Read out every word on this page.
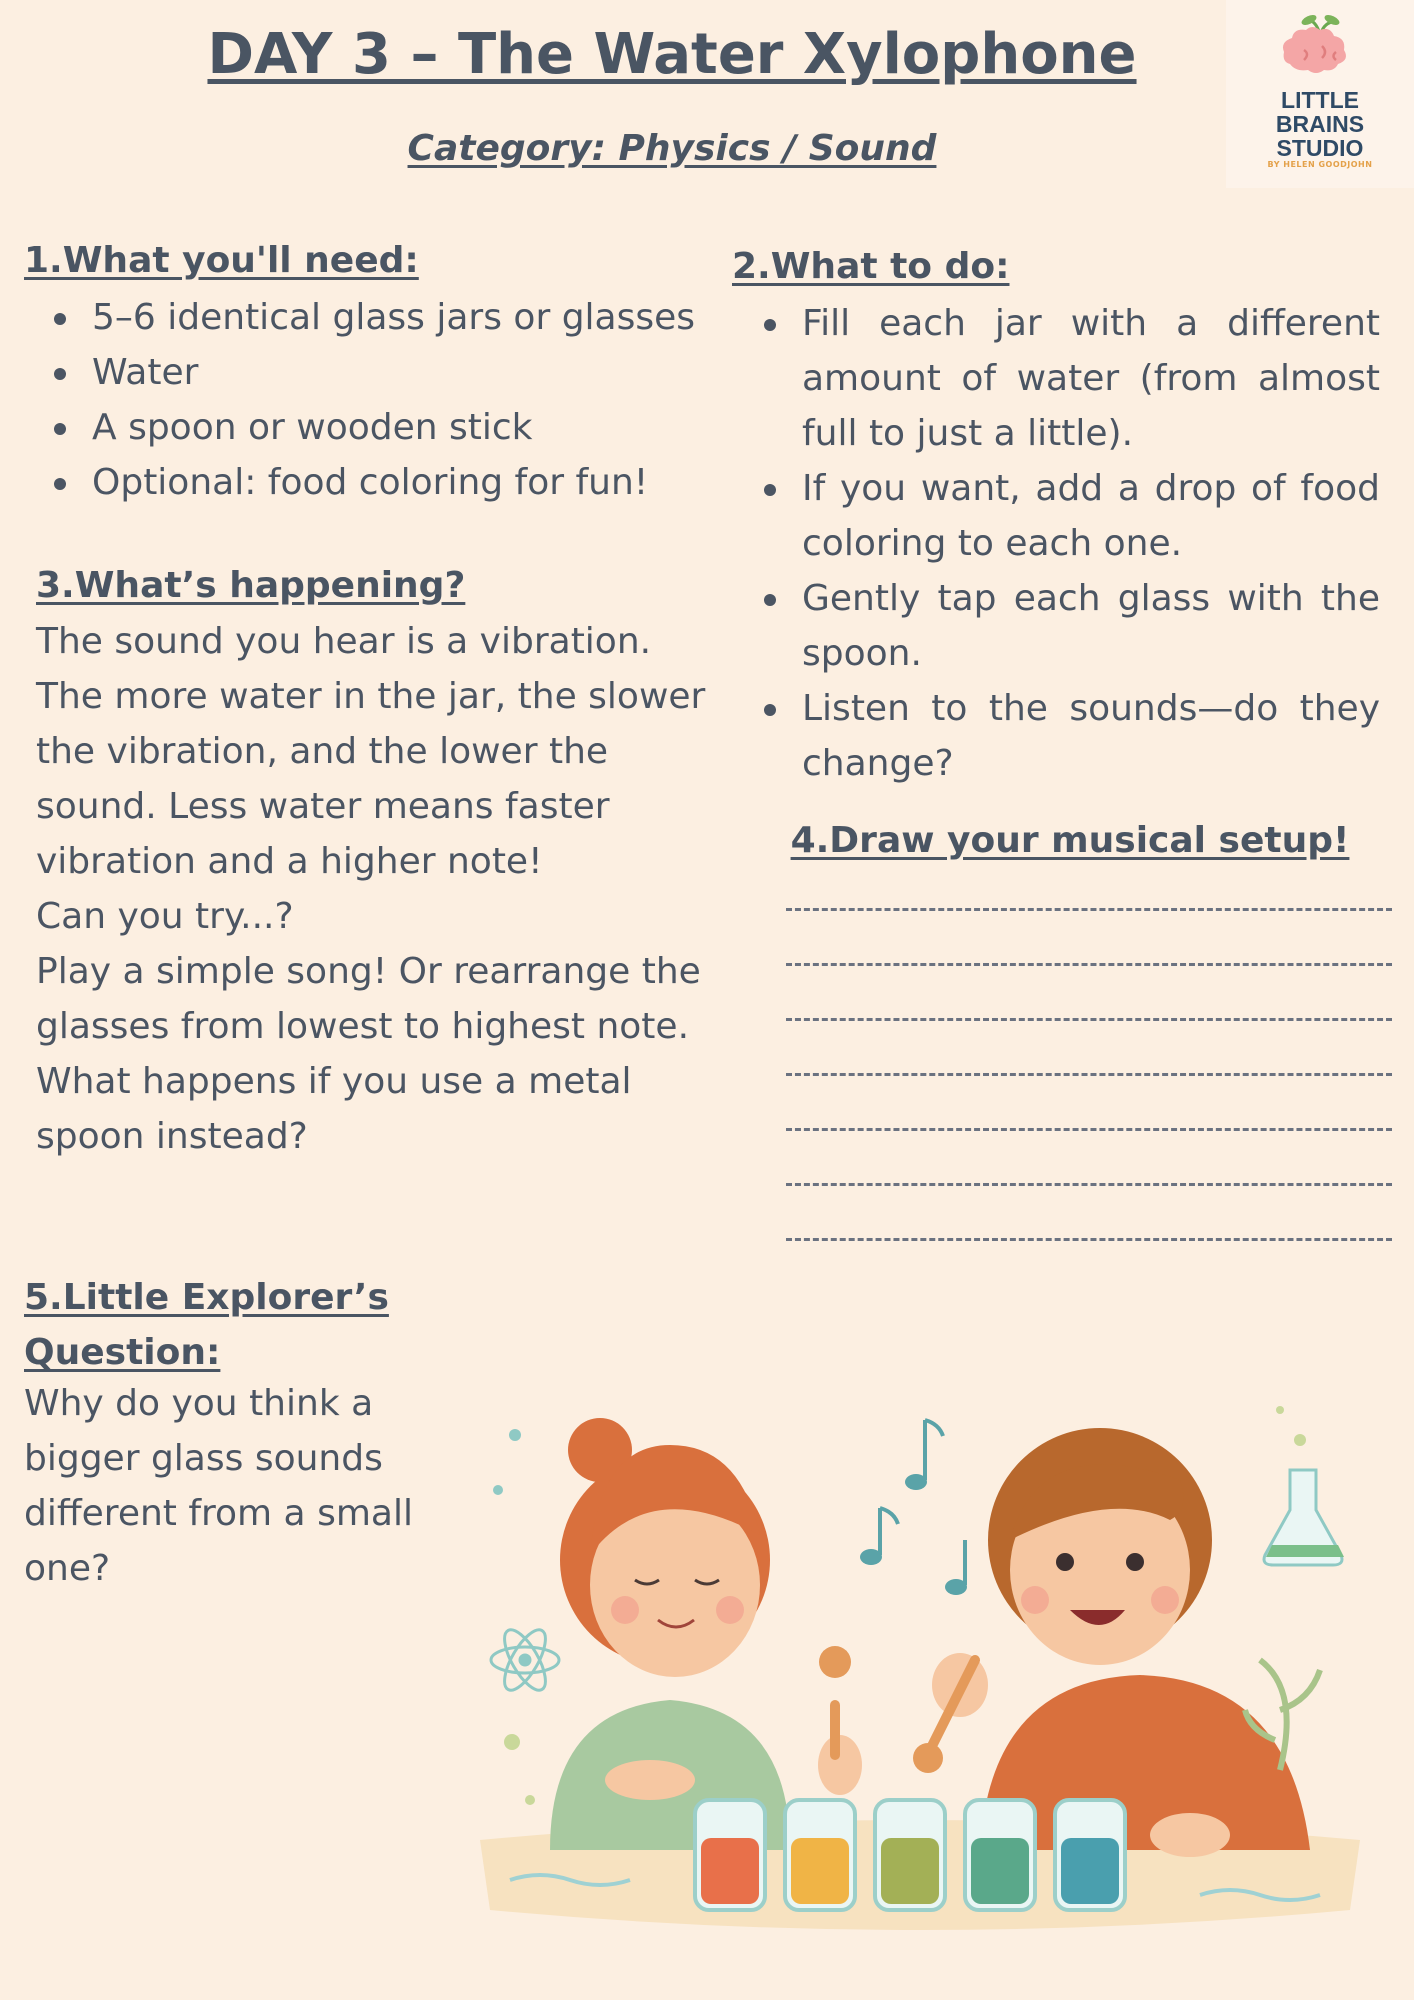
DAY 3 – The Water Xylophone
Category: Physics / Sound
LITTLE
BRAINS
STUDIO
BY HELEN GOODJOHN
1.What you'll need:
5–6 identical glass jars or glasses
Water
A spoon or wooden stick
Optional: food coloring for fun!
3.What’s happening?
The sound you hear is a vibration.
The more water in the jar, the slower
the vibration, and the lower the
sound. Less water means faster
vibration and a higher note!
Can you try...?
Play a simple song! Or rearrange the
glasses from lowest to highest note.
What happens if you use a metal
spoon instead?
2.What to do:
Fill each jar with a different amount of water (from almost full to just a little).
If you want, add a drop of food coloring to each one.
Gently tap each glass with the spoon.
Listen to the sounds—do they change?
4.Draw your musical setup!
5.Little Explorer’s
Question:
Why do you think a
bigger glass sounds
different from a small
one?
